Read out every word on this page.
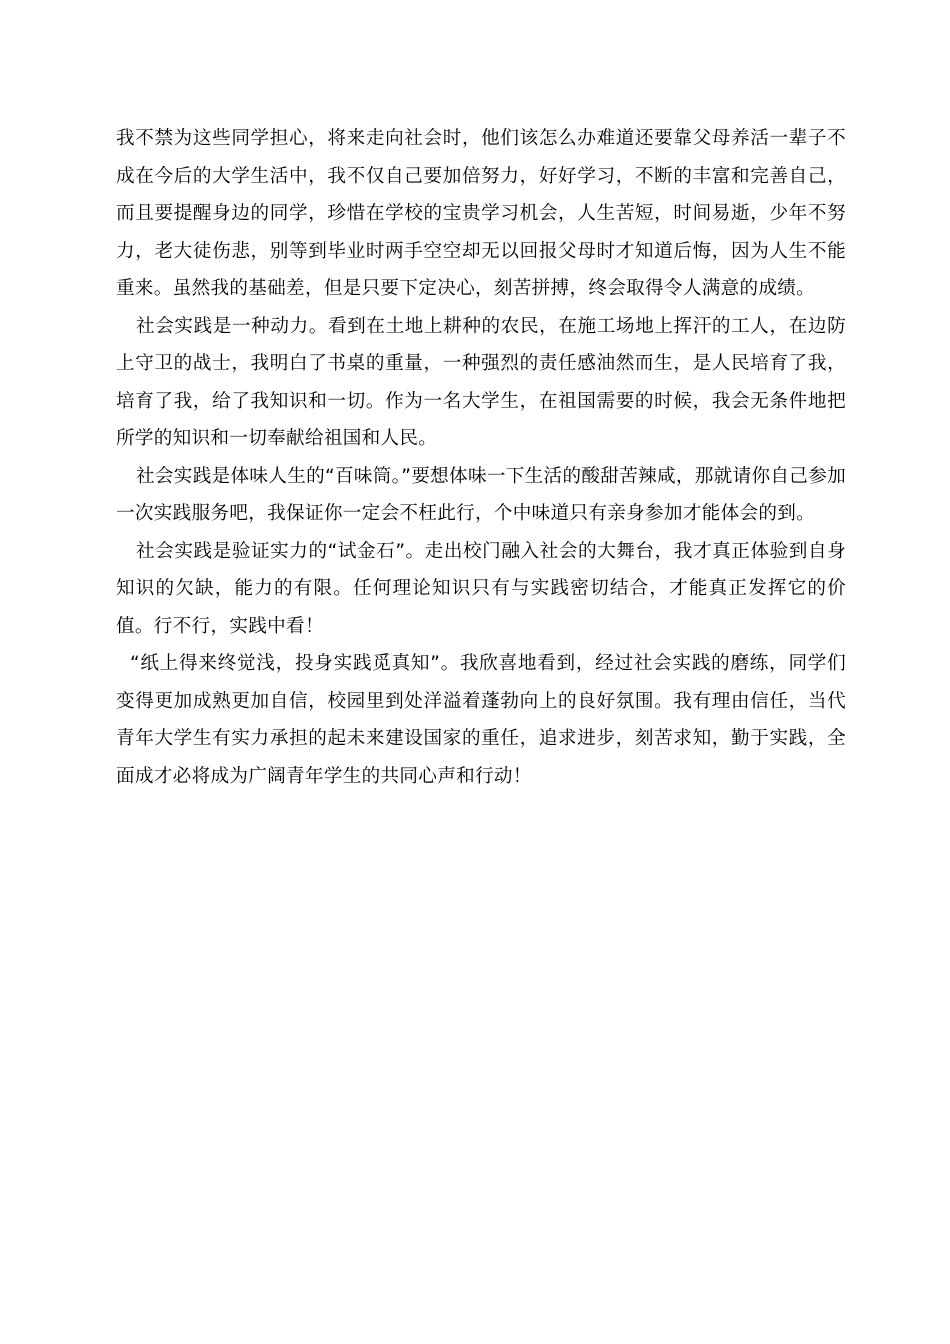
我不禁为这些同学担心，将来走向社会时，他们该怎么办难道还要靠父母养活一辈子不成在今后的大学生活中，我不仅自己要加倍努力，好好学习，不断的丰富和完善自己，而且要提醒身边的同学，珍惜在学校的宝贵学习机会，人生苦短，时间易逝，少年不努力，老大徒伤悲，别等到毕业时两手空空却无以回报父母时才知道后悔，因为人生不能重来。虽然我的基础差，但是只要下定决心，刻苦拼搏，终会取得令人满意的成绩。

社会实践是一种动力。看到在土地上耕种的农民，在施工场地上挥汗的工人，在边防上守卫的战士，我明白了书桌的重量，一种强烈的责任感油然而生，是人民培育了我，培育了我，给了我知识和一切。作为一名大学生，在祖国需要的时候，我会无条件地把所学的知识和一切奉献给祖国和人民。

社会实践是体味人生的“百味筒。”要想体味一下生活的酸甜苦辣咸，那就请你自己参加一次实践服务吧，我保证你一定会不枉此行，个中味道只有亲身参加才能体会的到。

社会实践是验证实力的“试金石”。走出校门融入社会的大舞台，我才真正体验到自身知识的欠缺，能力的有限。任何理论知识只有与实践密切结合，才能真正发挥它的价值。行不行，实践中看！

“纸上得来终觉浅，投身实践觅真知”。我欣喜地看到，经过社会实践的磨练，同学们变得更加成熟更加自信，校园里到处洋溢着蓬勃向上的良好氛围。我有理由信任，当代青年大学生有实力承担的起未来建设国家的重任，追求进步，刻苦求知，勤于实践，全面成才必将成为广阔青年学生的共同心声和行动！
